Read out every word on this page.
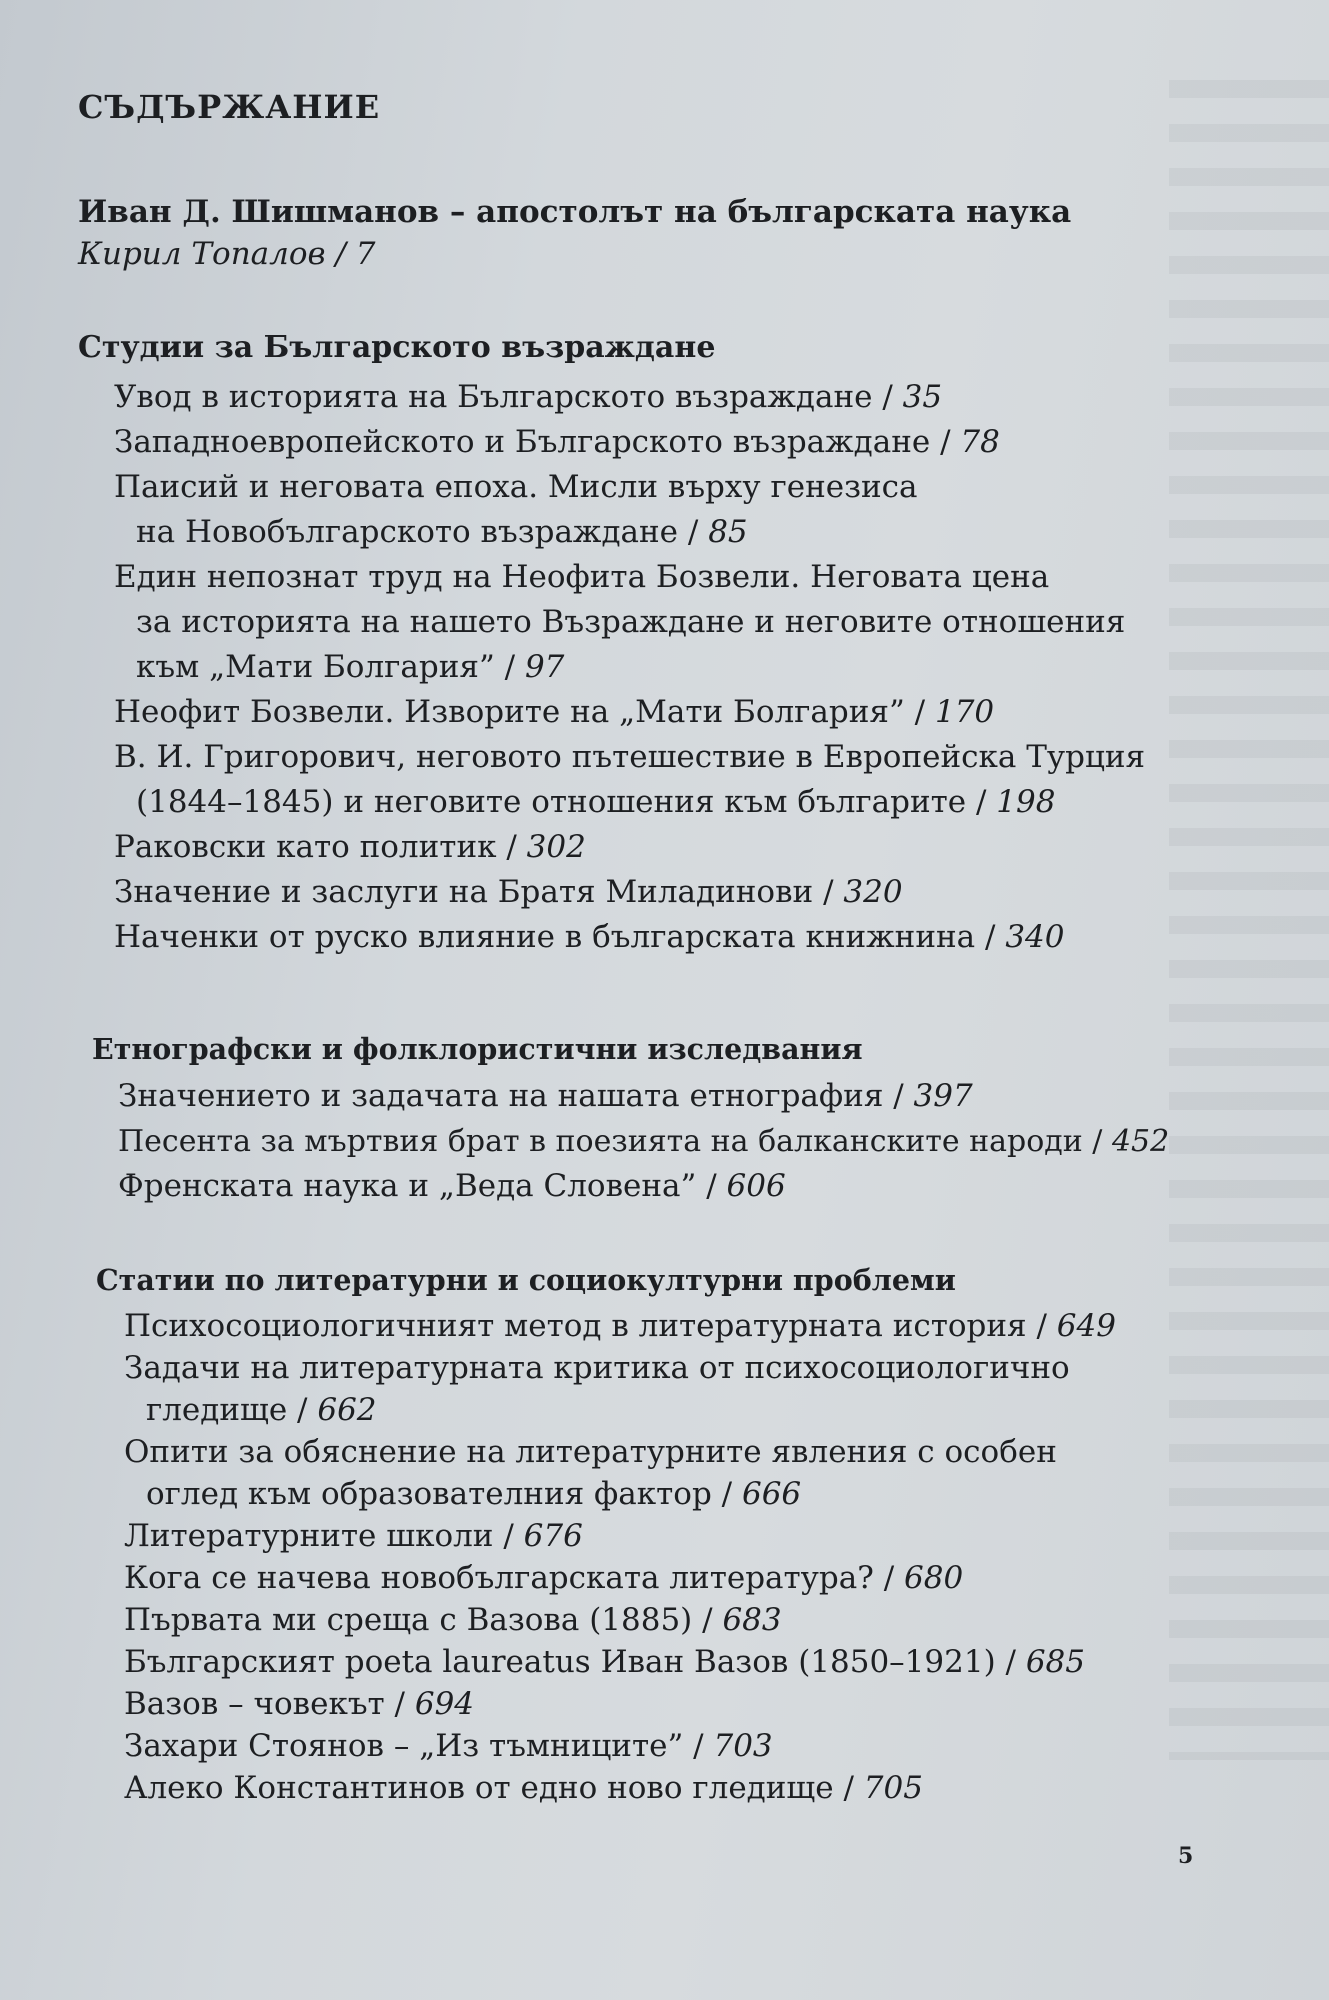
СЪДЪРЖАНИЕ
Иван Д. Шишманов – апостолът на българската наука
Кирил Топалов / 7
Студии за Българското възраждане
Увод в историята на Българското възраждане / 35
Западноевропейското и Българското възраждане / 78
Паисий и неговата епоха. Мисли върху генезиса
на Новобългарското възраждане / 85
Един непознат труд на Неофита Бозвели. Неговата цена
за историята на нашето Възраждане и неговите отношения
към „Мати Болгария” / 97
Неофит Бозвели. Изворите на „Мати Болгария” / 170
В. И. Григорович, неговото пътешествие в Европейска Турция
(1844–1845) и неговите отношения към българите / 198
Раковски като политик / 302
Значение и заслуги на Братя Миладинови / 320
Наченки от руско влияние в българската книжнина / 340
Етнографски и фолклористични изследвания
Значението и задачата на нашата етнография / 397
Песента за мъртвия брат в поезията на балканските народи / 452
Френската наука и „Веда Словена” / 606
Статии по литературни и социокултурни проблеми
Психосоциологичният метод в литературната история / 649
Задачи на литературната критика от психосоциологично
гледище / 662
Опити за обяснение на литературните явления с особен
оглед към образователния фактор / 666
Литературните школи / 676
Кога се начева новобългарската литература? / 680
Първата ми среща с Вазова (1885) / 683
Българският poeta laureatus Иван Вазов (1850–1921) / 685
Вазов – човекът / 694
Захари Стоянов – „Из тъмниците” / 703
Алеко Константинов от едно ново гледище / 705
5
